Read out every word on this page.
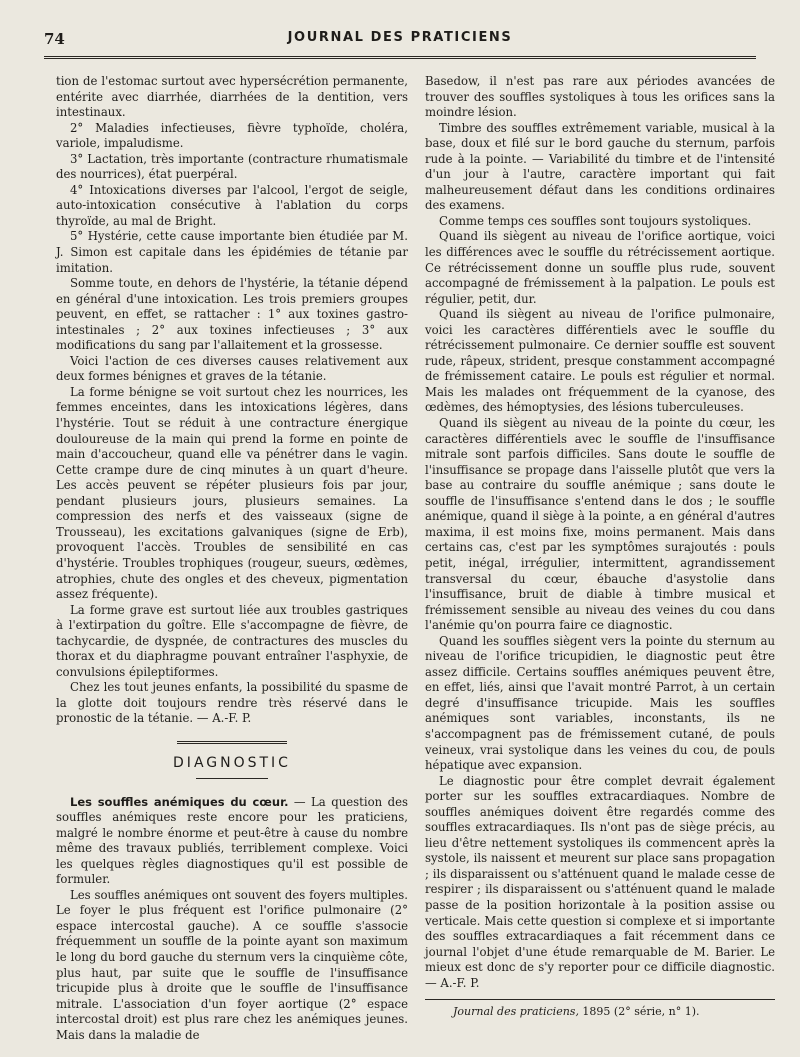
74	JOURNAL DES PRATICIENS

tion de l'estomac surtout avec hypersécrétion permanente, entérite avec diarrhée, diarrhées de la dentition, vers intestinaux.

2° Maladies infectieuses, fièvre typhoïde, choléra, variole, impaludisme.

3° Lactation, très importante (contracture rhumatismale des nourrices), état puerpéral.

4° Intoxications diverses par l'alcool, l'ergot de seigle, auto-intoxication consécutive à l'ablation du corps thyroïde, au mal de Bright.

5° Hystérie, cette cause importante bien étudiée par M. J. Simon est capitale dans les épidémies de tétanie par imitation.

Somme toute, en dehors de l'hystérie, la tétanie dépend en général d'une intoxication. Les trois premiers groupes peuvent, en effet, se rattacher : 1° aux toxines gastro-intestinales ; 2° aux toxines infectieuses ; 3° aux modifications du sang par l'allaitement et la grossesse.

Voici l'action de ces diverses causes relativement aux deux formes bénignes et graves de la tétanie.

La forme bénigne se voit surtout chez les nourrices, les femmes enceintes, dans les intoxications légères, dans l'hystérie. Tout se réduit à une contracture énergique douloureuse de la main qui prend la forme en pointe de main d'accoucheur, quand elle va pénétrer dans le vagin. Cette crampe dure de cinq minutes à un quart d'heure. Les accès peuvent se répéter plusieurs fois par jour, pendant plusieurs jours, plusieurs semaines. La compression des nerfs et des vaisseaux (signe de Trousseau), les excitations galvaniques (signe de Erb), provoquent l'accès. Troubles de sensibilité en cas d'hystérie. Troubles trophiques (rougeur, sueurs, œdèmes, atrophies, chute des ongles et des cheveux, pigmentation assez fréquente).

La forme grave est surtout liée aux troubles gastriques à l'extirpation du goître. Elle s'accompagne de fièvre, de tachycardie, de dyspnée, de contractures des muscles du thorax et du diaphragme pouvant entraîner l'asphyxie, de convulsions épileptiformes.

Chez les tout jeunes enfants, la possibilité du spasme de la glotte doit toujours rendre très réservé dans le pronostic de la tétanie. — A.-F. P.

DIAGNOSTIC

Les souffles anémiques du cœur. — La question des souffles anémiques reste encore pour les praticiens, malgré le nombre énorme et peut-être à cause du nombre même des travaux publiés, terriblement complexe. Voici les quelques règles diagnostiques qu'il est possible de formuler.

Les souffles anémiques ont souvent des foyers multiples. Le foyer le plus fréquent est l'orifice pulmonaire (2° espace intercostal gauche). A ce souffle s'associe fréquemment un souffle de la pointe ayant son maximum le long du bord gauche du sternum vers la cinquième côte, plus haut, par suite que le souffle de l'insuffisance tricupide plus à droite que le souffle de l'insuffisance mitrale. L'association d'un foyer aortique (2° espace intercostal droit) est plus rare chez les anémiques jeunes. Mais dans la maladie de

Basedow, il n'est pas rare aux périodes avancées de trouver des souffles systoliques à tous les orifices sans la moindre lésion.

Timbre des souffles extrêmement variable, musical à la base, doux et filé sur le bord gauche du sternum, parfois rude à la pointe. — Variabilité du timbre et de l'intensité d'un jour à l'autre, caractère important qui fait malheureusement défaut dans les conditions ordinaires des examens.

Comme temps ces souffles sont toujours systoliques.

Quand ils siègent au niveau de l'orifice aortique, voici les différences avec le souffle du rétrécissement aortique. Ce rétrécissement donne un souffle plus rude, souvent accompagné de frémissement à la palpation. Le pouls est régulier, petit, dur.

Quand ils siègent au niveau de l'orifice pulmonaire, voici les caractères différentiels avec le souffle du rétrécissement pulmonaire. Ce dernier souffle est souvent rude, râpeux, strident, presque constamment accompagné de frémissement cataire. Le pouls est régulier et normal. Mais les malades ont fréquemment de la cyanose, des œdèmes, des hémoptysies, des lésions tuberculeuses.

Quand ils siègent au niveau de la pointe du cœur, les caractères différentiels avec le souffle de l'insuffisance mitrale sont parfois difficiles. Sans doute le souffle de l'insuffisance se propage dans l'aisselle plutôt que vers la base au contraire du souffle anémique ; sans doute le souffle de l'insuffisance s'entend dans le dos ; le souffle anémique, quand il siège à la pointe, a en général d'autres maxima, il est moins fixe, moins permanent. Mais dans certains cas, c'est par les symptômes surajoutés : pouls petit, inégal, irrégulier, intermittent, agrandissement transversal du cœur, ébauche d'asystolie dans l'insuffisance, bruit de diable à timbre musical et frémissement sensible au niveau des veines du cou dans l'anémie qu'on pourra faire ce diagnostic.

Quand les souffles siègent vers la pointe du sternum au niveau de l'orifice tricupidien, le diagnostic peut être assez difficile. Certains souffles anémiques peuvent être, en effet, liés, ainsi que l'avait montré Parrot, à un certain degré d'insuffisance tricupide. Mais les souffles anémiques sont variables, inconstants, ils ne s'accompagnent pas de frémissement cutané, de pouls veineux, vrai systolique dans les veines du cou, de pouls hépatique avec expansion.

Le diagnostic pour être complet devrait également porter sur les souffles extracardiaques. Nombre de souffles anémiques doivent être regardés comme des souffles extracardiaques. Ils n'ont pas de siège précis, au lieu d'être nettement systoliques ils commencent après la systole, ils naissent et meurent sur place sans propagation ; ils disparaissent ou s'atténuent quand le malade cesse de respirer ; ils disparaissent ou s'atténuent quand le malade passe de la position horizontale à la position assise ou verticale. Mais cette question si complexe et si importante des souffles extracardiaques a fait récemment dans ce journal l'objet d'une étude remarquable de M. Barier. Le mieux est donc de s'y reporter pour ce difficile diagnostic. — A.-F. P.

Journal des praticiens, 1895 (2° série, n° 1).
